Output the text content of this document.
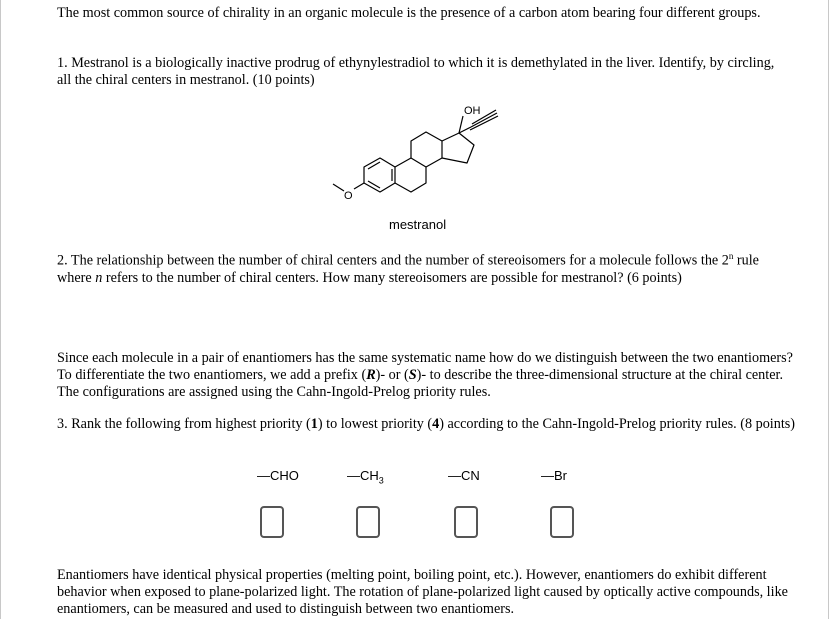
The most common source of chirality in an organic molecule is the presence of a carbon atom bearing four different groups.

1. Mestranol is a biologically inactive prodrug of ethynylestradiol to which it is demethylated in the liver. Identify, by circling, all the chiral centers in mestranol. (10 points)

OH
O
mestranol

2. The relationship between the number of chiral centers and the number of stereoisomers for a molecule follows the 2$^n$ rule where n refers to the number of chiral centers. How many stereoisomers are possible for mestranol? (6 points)

Since each molecule in a pair of enantiomers has the same systematic name how do we distinguish between the two enantiomers? To differentiate the two enantiomers, we add a prefix (R)- or (S)- to describe the three-dimensional structure at the chiral center. The configurations are assigned using the Cahn-Ingold-Prelog priority rules.

3. Rank the following from highest priority (1) to lowest priority (4) according to the Cahn-Ingold-Prelog priority rules. (8 points)

—CHO	$—CH_3$	—CN	—Br

Enantiomers have identical physical properties (melting point, boiling point, etc.). However, enantiomers do exhibit different behavior when exposed to plane-polarized light. The rotation of plane-polarized light caused by optically active compounds, like enantiomers, can be measured and used to distinguish between two enantiomers.
